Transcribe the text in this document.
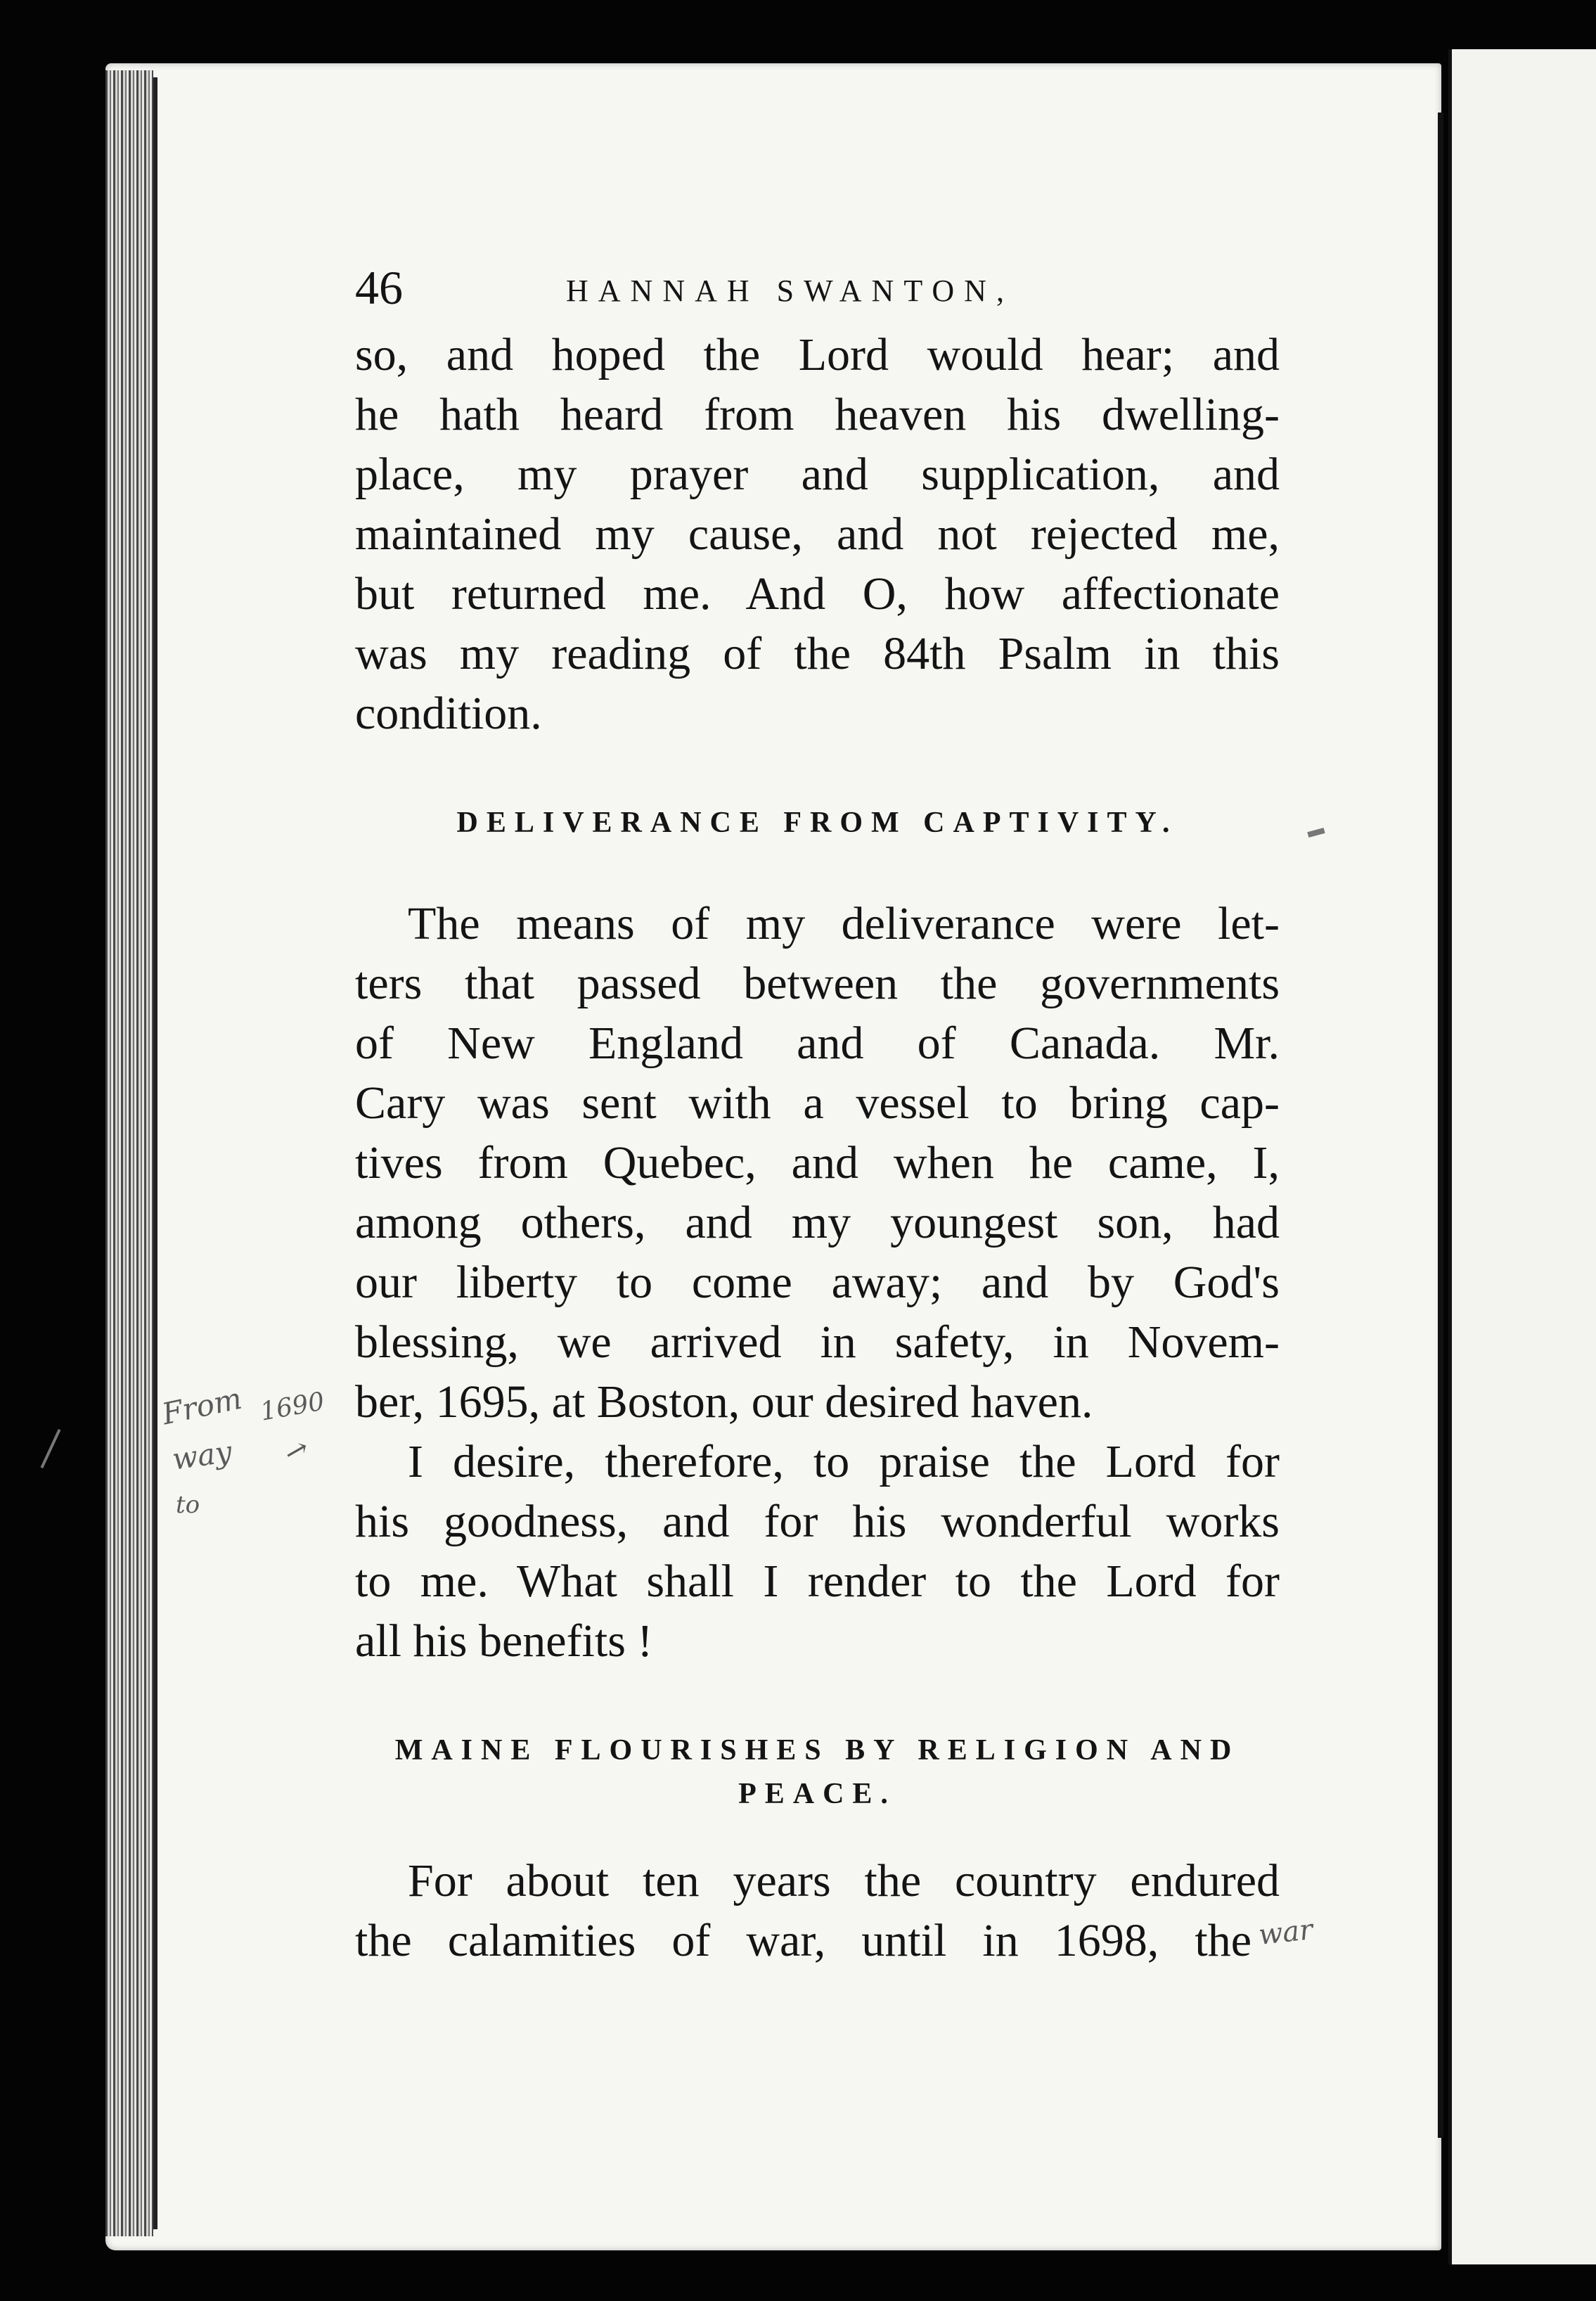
46	HANNAH SWANTON,

so, and hoped the Lord would hear; and
he hath heard from heaven his dwelling-
place, my prayer and supplication, and
maintained my cause, and not rejected me,
but returned me. And O, how affectionate
was my reading of the 84th Psalm in this
condition.

DELIVERANCE FROM CAPTIVITY.

The means of my deliverance were let-
ters that passed between the governments
of New England and of Canada. Mr.
Cary was sent with a vessel to bring cap-
tives from Quebec, and when he came, I,
among others, and my youngest son, had
our liberty to come away; and by God's
blessing, we arrived in safety, in Novem-
ber, 1695, at Boston, our desired haven.

I desire, therefore, to praise the Lord for
his goodness, and for his wonderful works
to me. What shall I render to the Lord for
all his benefits !

MAINE FLOURISHES BY RELIGION AND
PEACE.

For about ten years the country endured
the calamities of war, until in 1698, the

From 1690
way →
to
war
